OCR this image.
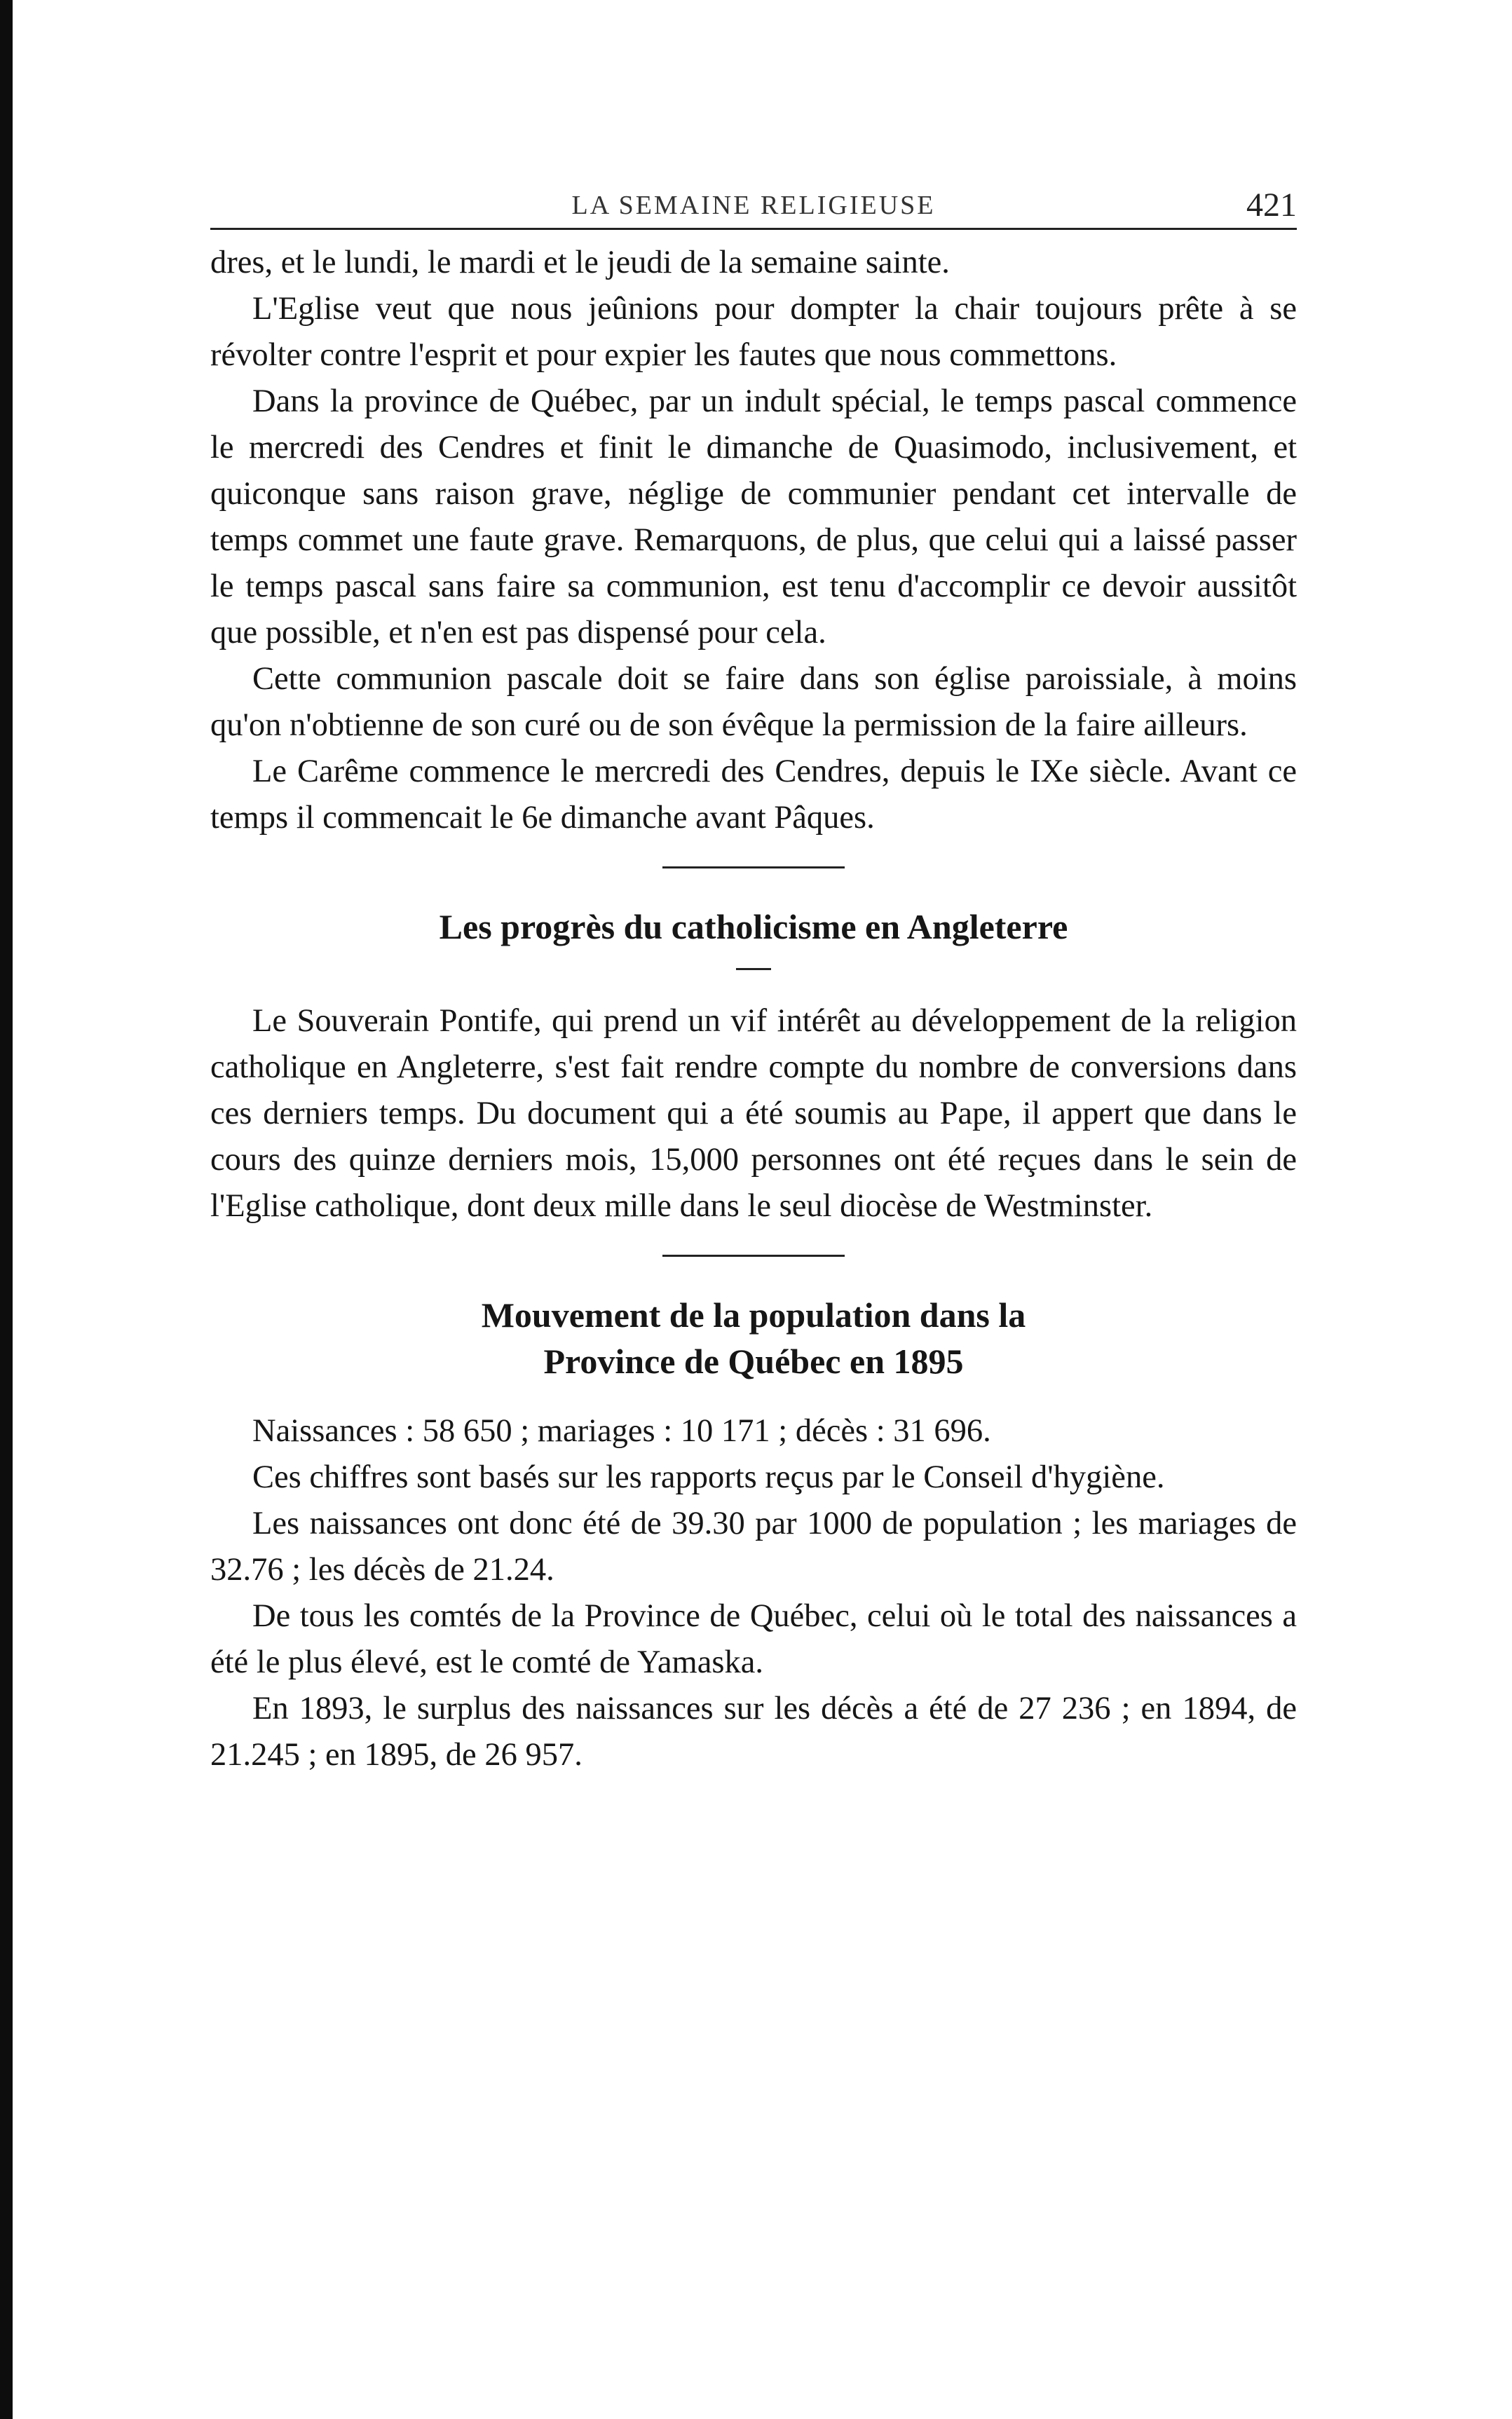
LA SEMAINE RELIGIEUSE	421

dres, et le lundi, le mardi et le jeudi de la semaine sainte.

L'Eglise veut que nous jeûnions pour dompter la chair toujours prête à se révolter contre l'esprit et pour expier les fautes que nous commettons.

Dans la province de Québec, par un indult spécial, le temps pascal commence le mercredi des Cendres et finit le dimanche de Quasimodo, inclusivement, et quiconque sans raison grave, néglige de communier pendant cet intervalle de temps commet une faute grave. Remarquons, de plus, que celui qui a laissé passer le temps pascal sans faire sa communion, est tenu d'accomplir ce devoir aussitôt que possible, et n'en est pas dispensé pour cela.

Cette communion pascale doit se faire dans son église paroissiale, à moins qu'on n'obtienne de son curé ou de son évêque la permission de la faire ailleurs.

Le Carême commence le mercredi des Cendres, depuis le IXe siècle. Avant ce temps il commencait le 6e dimanche avant Pâques.

Les progrès du catholicisme en Angleterre

Le Souverain Pontife, qui prend un vif intérêt au développement de la religion catholique en Angleterre, s'est fait rendre compte du nombre de conversions dans ces derniers temps. Du document qui a été soumis au Pape, il appert que dans le cours des quinze derniers mois, 15,000 personnes ont été reçues dans le sein de l'Eglise catholique, dont deux mille dans le seul diocèse de Westminster.

Mouvement de la population dans la
Province de Québec en 1895

Naissances : 58 650 ; mariages : 10 171 ; décès : 31 696.

Ces chiffres sont basés sur les rapports reçus par le Conseil d'hygiène.

Les naissances ont donc été de 39.30 par 1000 de population ; les mariages de 32.76 ; les décès de 21.24.

De tous les comtés de la Province de Québec, celui où le total des naissances a été le plus élevé, est le comté de Yamaska.

En 1893, le surplus des naissances sur les décès a été de 27 236 ; en 1894, de 21.245 ; en 1895, de 26 957.
